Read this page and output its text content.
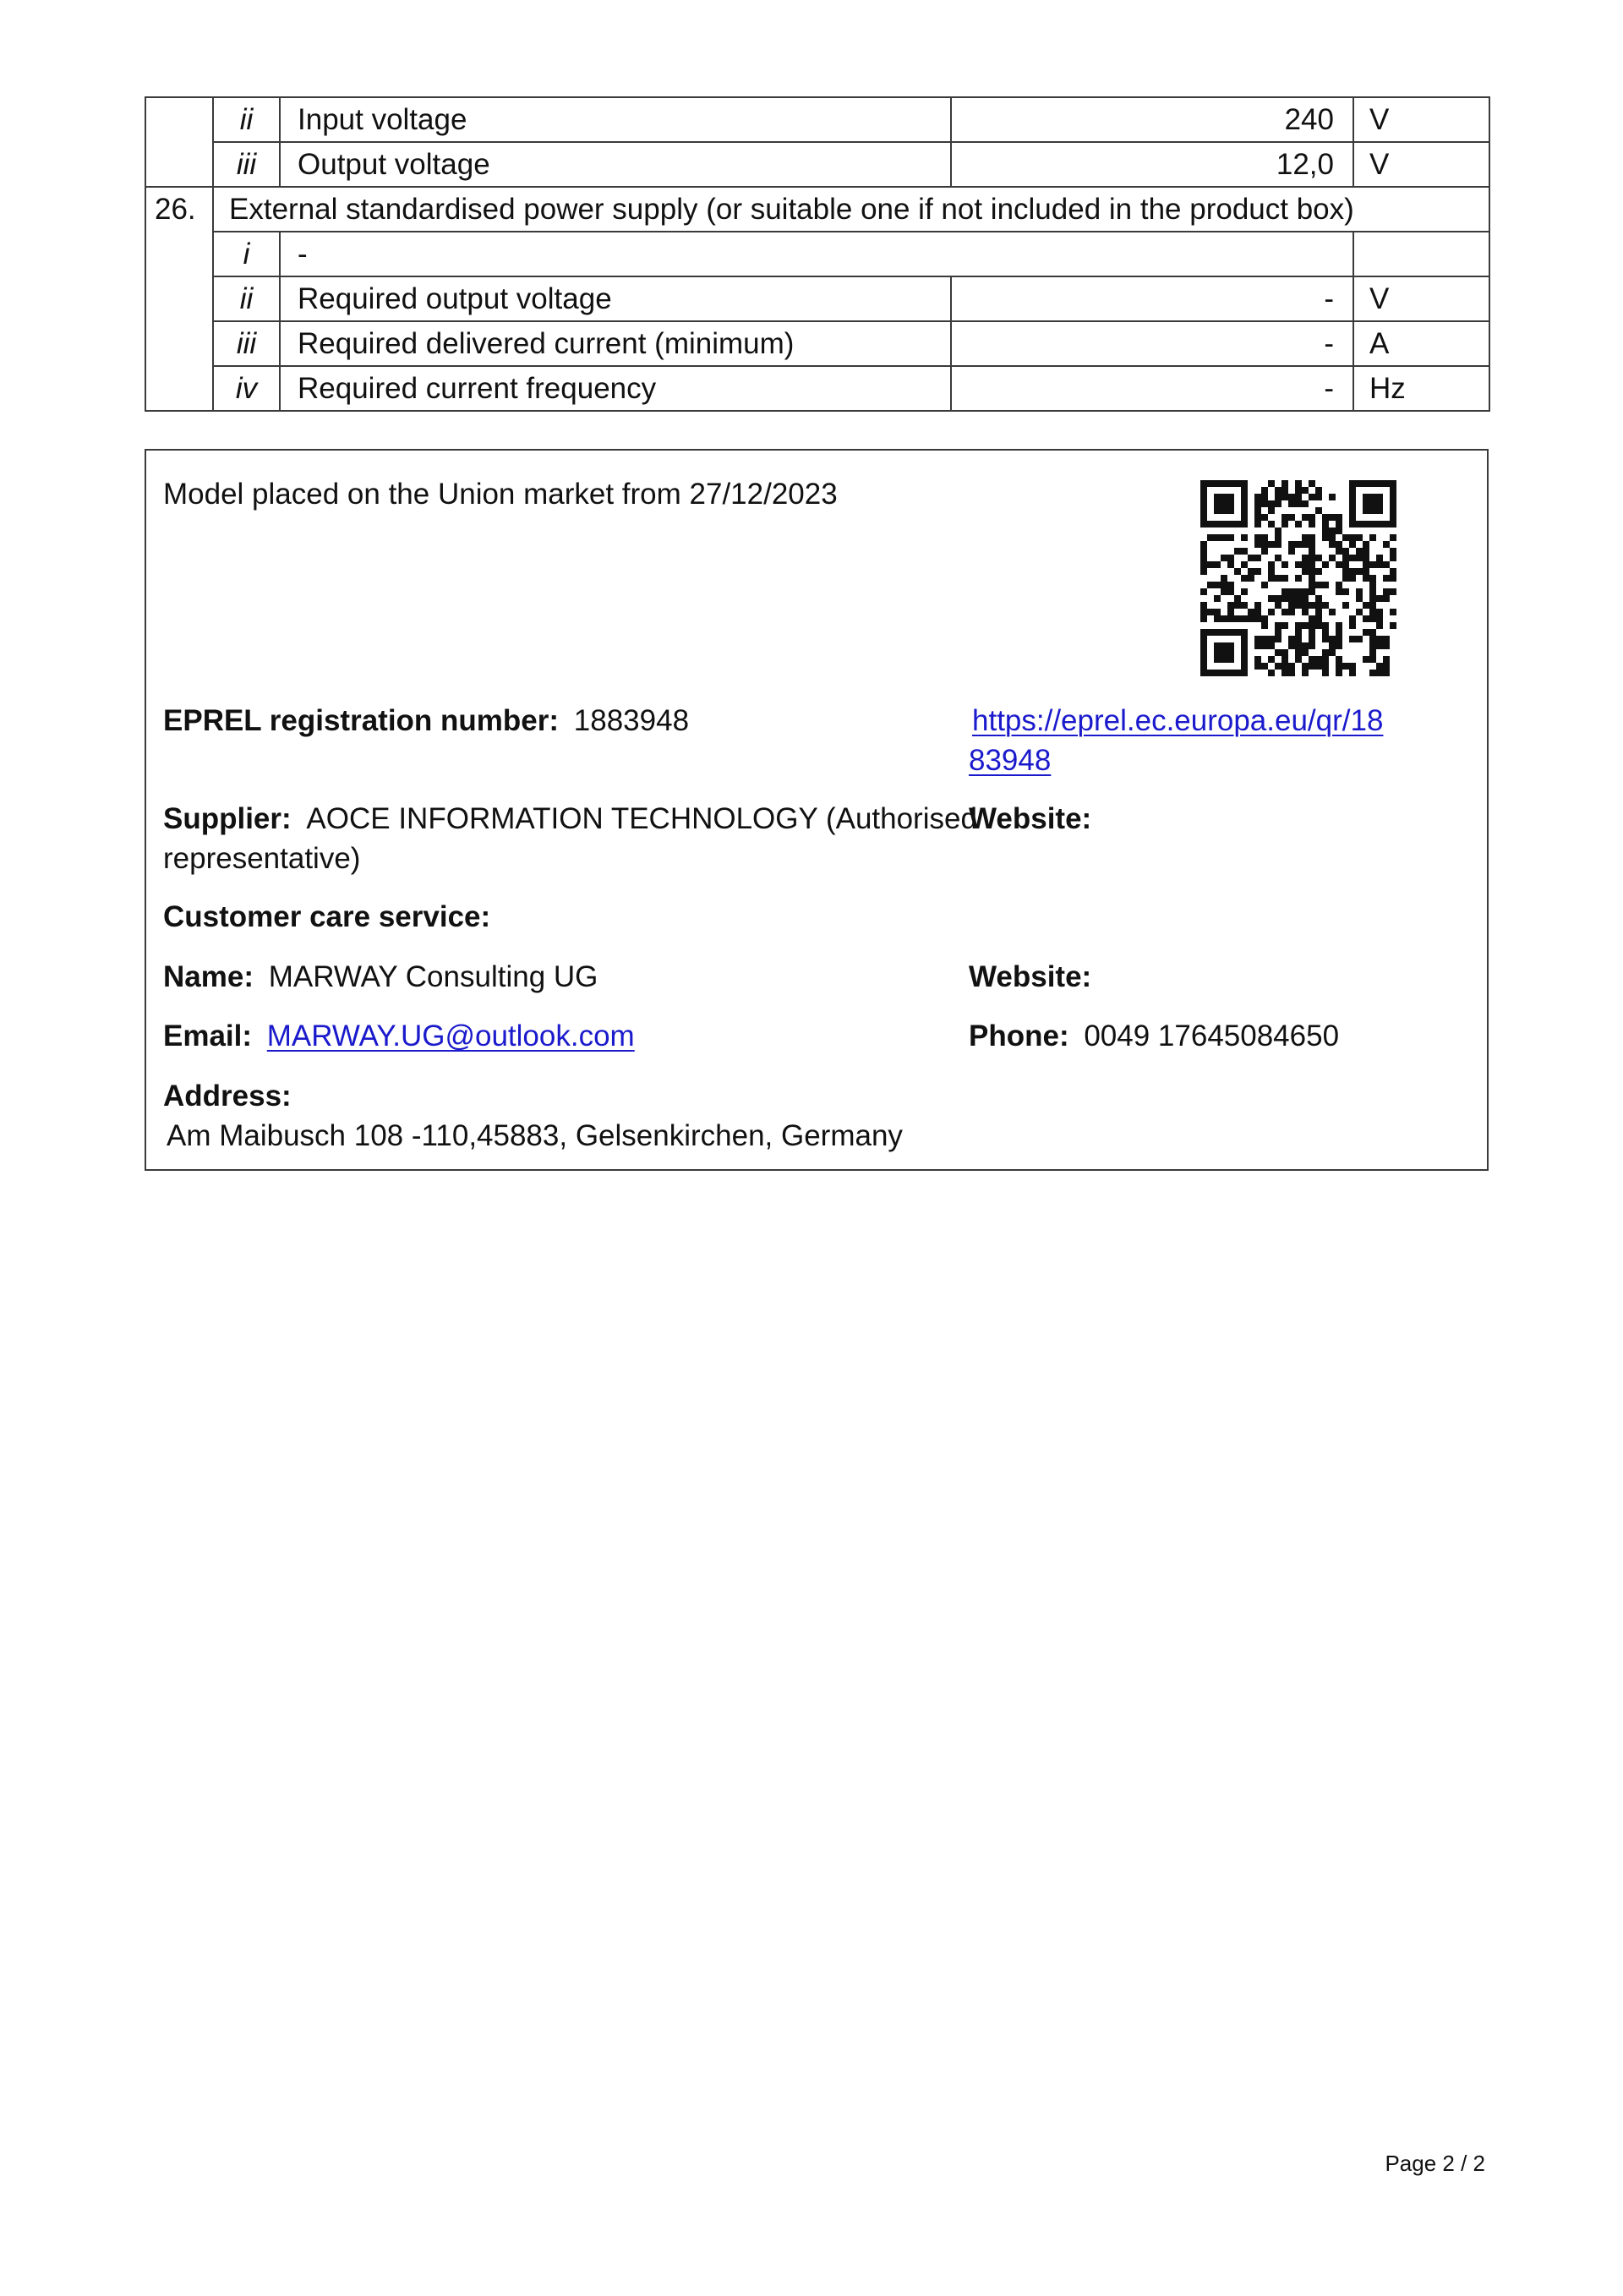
	ii	Input voltage	240	V
	iii	Output voltage	12,0	V
26.	External standardised power supply (or suitable one if not included in the product box)			
	i	-		
	ii	Required output voltage	-	V
	iii	Required delivered current (minimum)	-	A
	iv	Required current frequency	-	Hz
Model placed on the Union market from 27/12/2023
EPREL registration number: 1883948	https://eprel.ec.europa.eu/qr/18
83948
Supplier: AOCE INFORMATION TECHNOLOGY (Authorised
representative)
Website:
Customer care service:
Name: MARWAY Consulting UG	Website:
Email: MARWAY.UG@outlook.com	Phone: 0049 17645084650
Address:
Am Maibusch 108 -110,45883, Gelsenkirchen, Germany
Page 2 / 2
